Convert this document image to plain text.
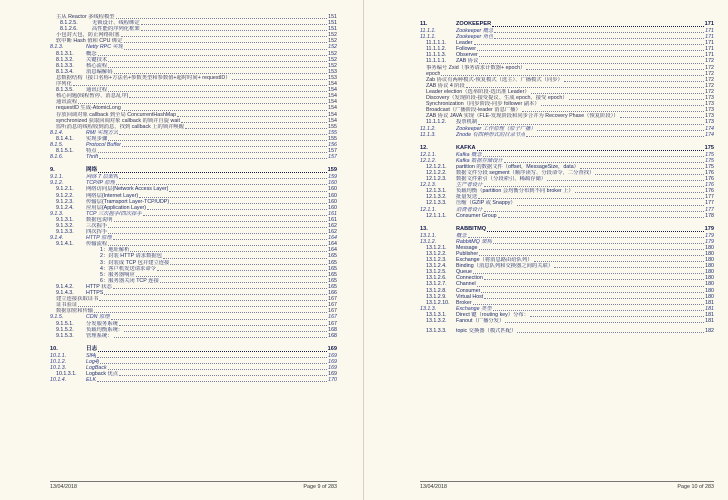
主从 Reactor 多线程模型	151
8.1.2.5.	无锁设计、线程绑定	151
8.1.2.6.	高性能的序列化框架	151
小包封大包，防止网络阻塞	152
软中断 Hash 值和 CPU 绑定	152
8.1.3.	Netty RPC 实现	152
8.1.3.1.	概念	152
8.1.3.2.	关键技术	152
8.1.3.3.	核心流程	152
8.1.3.4.	消息编解码	153
息数据结构（接口名称+方法名+参数类型和参数值+超时时间+ requestID）	153
序列化	154
8.1.3.5.	通讯过程	154
核心问题(线程暂停、消息乱序)	154
通讯流程	154
requestID 生成-AtomicLong	154
存放回调对象 callback 到全局 ConcurrentHashMap	154
synchronized 获取回调对象 callback 的锁并自旋 wait	154
监听消息的线程收到消息，找到 callback 上的锁并唤醒	155
8.1.4.	RMI 实现方式	155
8.1.4.1.	实现步骤	155
8.1.5.	Protocol Buffer	156
8.1.5.1.	特点	157
8.1.6.	Thrift	157
9.	网络	159
9.1.1.	网络 7 层架构	159
9.1.2.	TCP/IP 原理	160
9.1.2.1.	网络访问层(Network Access Layer)	160
9.1.2.2.	网络层(Internet Layer)	160
9.1.2.3.	传输层(Tramsport Layer-TCP/UDP)	160
9.1.2.4.	应用层(Application Layer)	160
9.1.3.	TCP 三次握手/四次挥手	161
9.1.3.1.	数据包说明	161
9.1.3.2.	三次握手	162
9.1.3.3.	四次挥手	162
9.1.4.	HTTP 原理	164
9.1.4.1.	传输流程	164
1：地址解析	164
2：封装 HTTP 请求数据包	165
3：封装成 TCP 包并建立连接	165
4：客户机发送请求命令	165
5：服务器响应	165
6：服务器关闭 TCP 连接	165
9.1.4.2.	HTTP 状态	165
9.1.4.3.	HTTPS	166
建立连接获取证书	167
证书验证	167
数据加密和传输	167
9.1.5.	CDN 原理	167
9.1.5.1.	分发服务系统	167
9.1.5.2.	负载均衡系统：	168
9.1.5.3.	管理系统：	168
10.	日志	169
10.1.1.	Slf4j	169
10.1.2.	Log4j	169
10.1.3.	LogBack	169
10.1.3.1.	Logback 优点	169
10.1.4.	ELK	170
13/04/2018	Page 9 of 283
11.	ZOOKEEPER	171
11.1.1.	Zookeeper 概念	171
11.1.1.	Zookeeper 角色	171
11.1.1.1.	Leader	171
11.1.1.2.	Follower	171
11.1.1.3.	Observer	171
11.1.1.1.	ZAB 协议	172
事务编号 Zxid（事务请求计数器+ epoch）	172
epoch	172
Zab 协议有两种模式-恢复模式（选主）、广播模式（同步）	172
ZAB 协议 4 阶段	172
Leader election（选举阶段-选出准 Leader）	172
Discovery（发现阶段-接受提议、生成 epoch、接受 epoch）	173
Synchronization（同步阶段-同步 follower 副本）	173
Broadcast（广播阶段-leader 消息广播）	173
ZAB 协议 JAVA 实现（FLE-发现阶段和同步合并为 Recovery Phase（恢复阶段））	173
11.1.1.2.	投票机制	173
11.1.2.	Zookeeper 工作原理（原子广播）	174
11.1.3.	Znode 有四种形式的目录节点	174
12.	KAFKA	175
12.1.1.	Kafka 概念	175
12.1.2.	Kafka 数据存储设计	175
12.1.2.1.	partition 的数据文件（offset，MessageSize，data）	175
12.1.2.2.	数据文件分段 segment（顺序读写、分段命令、二分查找）	176
12.1.2.3.	数据文件索引（分段索引、稀疏存储）	176
12.1.3.	生产者设计	176
12.1.3.1.	负载均衡（partition 会均衡分布到不同 broker 上）	176
12.1.3.2.	批量发送	177
12.1.3.3.	压缩（GZIP 或 Snappy）	177
12.1.1.	消费者设计	177
12.1.1.1.	Consumer Group	178
13.	RABBITMQ	179
13.1.1.	概念	179
13.1.2.	RabbitMQ 架构	179
13.1.2.1.	Message	180
13.1.2.2.	Publisher	180
13.1.2.3.	Exchange（将消息路由给队列）	180
13.1.2.4.	Binding（消息队列和交换器之间的关联）	180
13.1.2.5.	Queue	180
13.1.2.6.	Connection	180
13.1.2.7.	Channel	180
13.1.2.8.	Consumer	180
13.1.2.9.	Virtual Host	180
13.1.2.10.	Broker	181
13.1.3.	Exchange 类型	181
13.1.3.1.	Direct 键（routing key）分布：	181
13.1.3.2.	Fanout（广播分发）	181
13.1.3.3.	topic 交换器（模式匹配）	182
13/04/2018	Page 10 of 283
